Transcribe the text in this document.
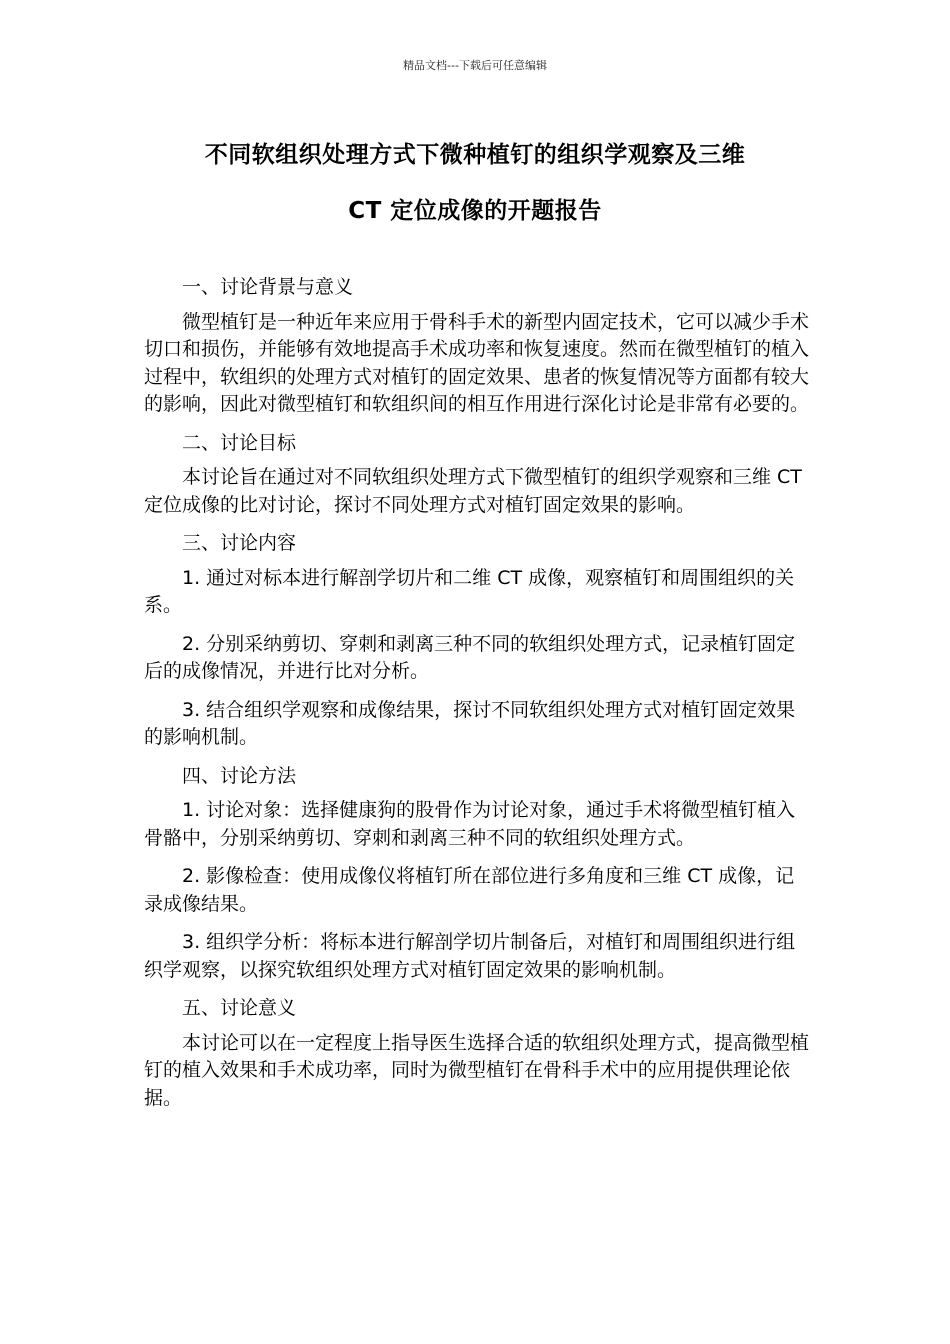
精品文档---下载后可任意编辑
不同软组织处理方式下微种植钉的组织学观察及三维
CT 定位成像的开题报告

一、讨论背景与意义

微型植钉是一种近年来应用于骨科手术的新型内固定技术，它可以减少手术切口和损伤，并能够有效地提高手术成功率和恢复速度。然而在微型植钉的植入过程中，软组织的处理方式对植钉的固定效果、患者的恢复情况等方面都有较大的影响，因此对微型植钉和软组织间的相互作用进行深化讨论是非常有必要的。

二、讨论目标

本讨论旨在通过对不同软组织处理方式下微型植钉的组织学观察和三维 CT 定位成像的比对讨论，探讨不同处理方式对植钉固定效果的影响。

三、讨论内容

1. 通过对标本进行解剖学切片和二维 CT 成像，观察植钉和周围组织的关系。

2. 分别采纳剪切、穿刺和剥离三种不同的软组织处理方式，记录植钉固定后的成像情况，并进行比对分析。

3. 结合组织学观察和成像结果，探讨不同软组织处理方式对植钉固定效果的影响机制。

四、讨论方法

1. 讨论对象：选择健康狗的股骨作为讨论对象，通过手术将微型植钉植入骨骼中，分别采纳剪切、穿刺和剥离三种不同的软组织处理方式。

2. 影像检查：使用成像仪将植钉所在部位进行多角度和三维 CT 成像，记录成像结果。

3. 组织学分析：将标本进行解剖学切片制备后，对植钉和周围组织进行组织学观察，以探究软组织处理方式对植钉固定效果的影响机制。

五、讨论意义

本讨论可以在一定程度上指导医生选择合适的软组织处理方式，提高微型植钉的植入效果和手术成功率，同时为微型植钉在骨科手术中的应用提供理论依据。
